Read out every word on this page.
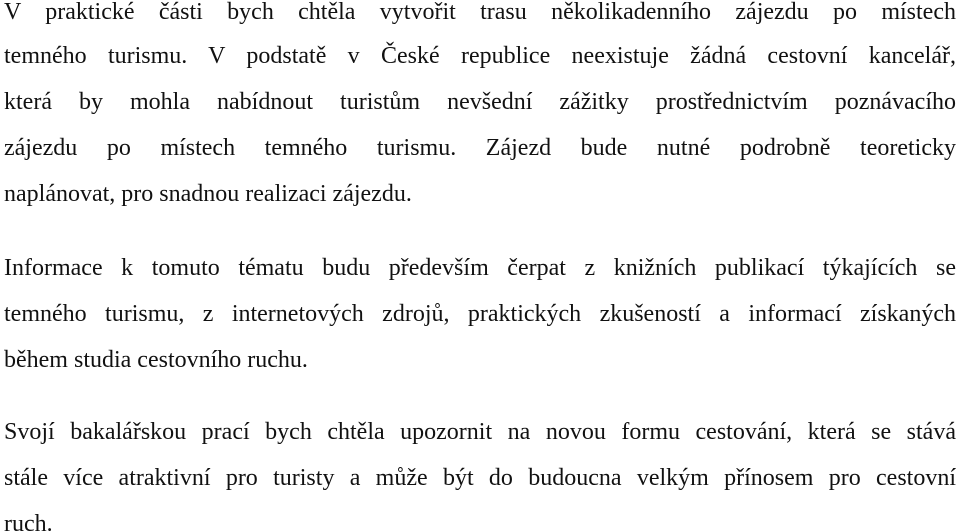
V praktické části bych chtěla vytvořit trasu několikadenního zájezdu po místech
temného turismu. V podstatě v České republice neexistuje žádná cestovní kancelář,
která by mohla nabídnout turistům nevšední zážitky prostřednictvím poznávacího
zájezdu po místech temného turismu. Zájezd bude nutné podrobně teoreticky
naplánovat, pro snadnou realizaci zájezdu.
Informace k tomuto tématu budu především čerpat z knižních publikací týkajících se
temného turismu, z internetových zdrojů, praktických zkušeností a informací získaných
během studia cestovního ruchu.
Svojí bakalářskou prací bych chtěla upozornit na novou formu cestování, která se stává
stále více atraktivní pro turisty a může být do budoucna velkým přínosem pro cestovní
ruch.
